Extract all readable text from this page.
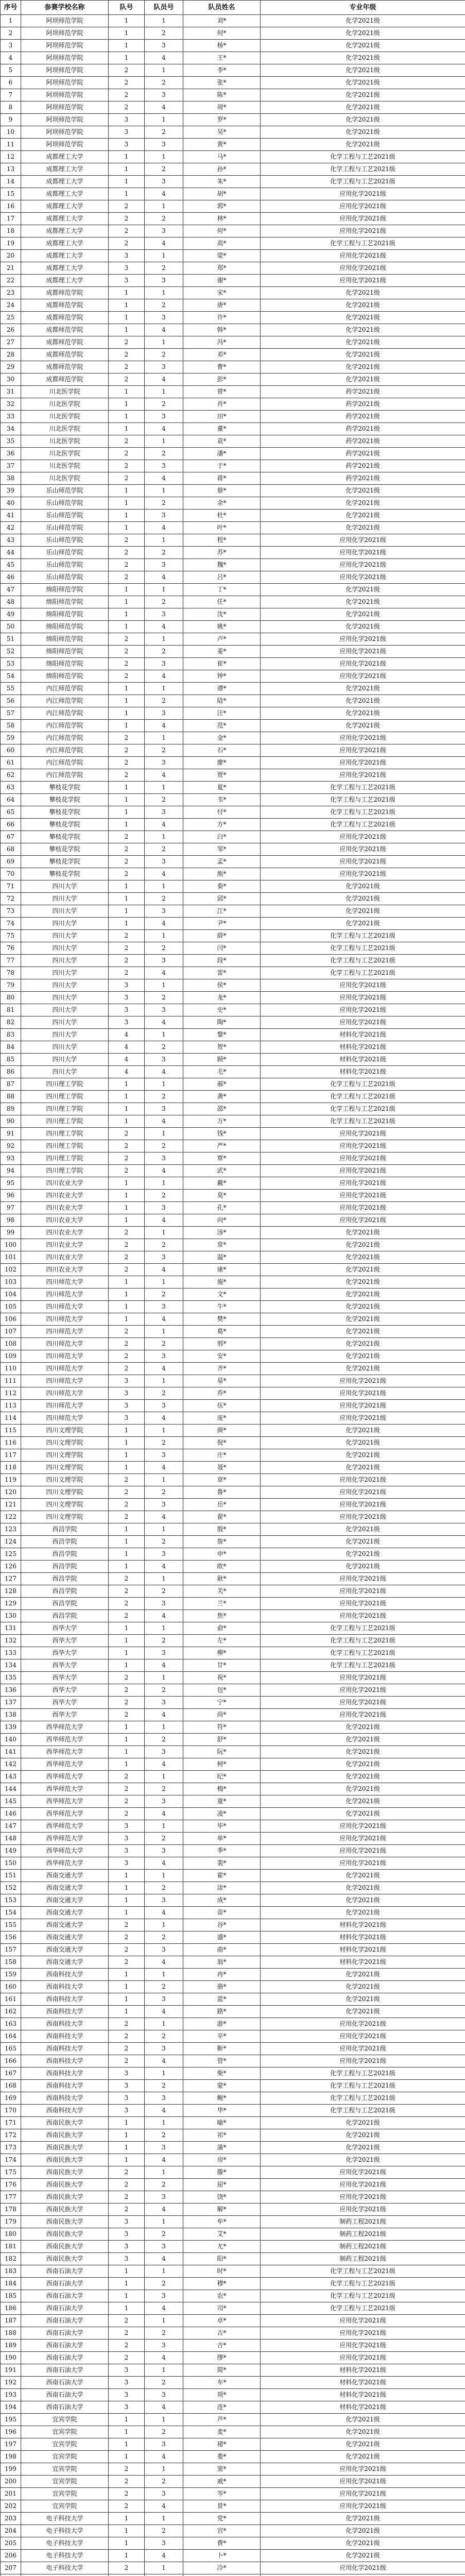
序号	参赛学校名称	队号	队员号	队员姓名	专业年级
1	阿坝师范学院	1	1	刘*	化学2021级
2	阿坝师范学院	1	2	何*	化学2021级
3	阿坝师范学院	1	3	杨*	化学2021级
4	阿坝师范学院	1	4	王*	化学2021级
5	阿坝师范学院	2	1	李*	化学2021级
6	阿坝师范学院	2	2	张*	化学2021级
7	阿坝师范学院	2	3	陈*	化学2021级
8	阿坝师范学院	2	4	周*	化学2021级
9	阿坝师范学院	3	1	罗*	化学2021级
10	阿坝师范学院	3	2	吴*	化学2021级
11	阿坝师范学院	3	3	黄*	化学2021级
12	成都理工大学	1	1	马*	化学工程与工艺2021级
13	成都理工大学	1	2	孙*	化学工程与工艺2021级
14	成都理工大学	1	3	朱*	化学工程与工艺2021级
15	成都理工大学	1	4	胡*	应用化学2021级
16	成都理工大学	2	1	郭*	应用化学2021级
17	成都理工大学	2	2	林*	应用化学2021级
18	成都理工大学	2	3	何*	应用化学2021级
19	成都理工大学	2	4	高*	化学工程与工艺2021级
20	成都理工大学	3	1	梁*	应用化学2021级
21	成都理工大学	3	2	郑*	应用化学2021级
22	成都理工大学	3	3	谢*	应用化学2021级
23	成都师范学院	1	1	宋*	化学2021级
24	成都师范学院	1	2	唐*	化学2021级
25	成都师范学院	1	3	许*	化学2021级
26	成都师范学院	1	4	韩*	化学2021级
27	成都师范学院	2	1	冯*	化学2021级
28	成都师范学院	2	2	邓*	化学2021级
29	成都师范学院	2	3	曹*	化学2021级
30	成都师范学院	2	4	彭*	化学2021级
31	川北医学院	1	1	曾*	药学2021级
32	川北医学院	1	2	肖*	药学2021级
33	川北医学院	1	3	田*	药学2021级
34	川北医学院	1	4	董*	药学2021级
35	川北医学院	2	1	袁*	药学2021级
36	川北医学院	2	2	潘*	药学2021级
37	川北医学院	2	3	于*	药学2021级
38	川北医学院	2	4	蒋*	药学2021级
39	乐山师范学院	1	1	蔡*	化学2021级
40	乐山师范学院	1	2	余*	化学2021级
41	乐山师范学院	1	3	杜*	化学2021级
42	乐山师范学院	1	4	叶*	化学2021级
43	乐山师范学院	2	1	程*	应用化学2021级
44	乐山师范学院	2	2	苏*	应用化学2021级
45	乐山师范学院	2	3	魏*	应用化学2021级
46	乐山师范学院	2	4	吕*	应用化学2021级
47	绵阳师范学院	1	1	丁*	化学2021级
48	绵阳师范学院	1	2	任*	化学2021级
49	绵阳师范学院	1	3	沈*	化学2021级
50	绵阳师范学院	1	4	姚*	化学2021级
51	绵阳师范学院	2	1	卢*	应用化学2021级
52	绵阳师范学院	2	2	姜*	应用化学2021级
53	绵阳师范学院	2	3	崔*	应用化学2021级
54	绵阳师范学院	2	4	钟*	应用化学2021级
55	内江师范学院	1	1	谭*	化学2021级
56	内江师范学院	1	2	陆*	化学2021级
57	内江师范学院	1	3	汪*	化学2021级
58	内江师范学院	1	4	范*	化学2021级
59	内江师范学院	2	1	金*	应用化学2021级
60	内江师范学院	2	2	石*	应用化学2021级
61	内江师范学院	2	3	廖*	应用化学2021级
62	内江师范学院	2	4	贾*	应用化学2021级
63	攀枝花学院	1	1	夏*	化学工程与工艺2021级
64	攀枝花学院	1	2	韦*	化学工程与工艺2021级
65	攀枝花学院	1	3	付*	化学工程与工艺2021级
66	攀枝花学院	1	4	方*	化学工程与工艺2021级
67	攀枝花学院	2	1	白*	应用化学2021级
68	攀枝花学院	2	2	邹*	应用化学2021级
69	攀枝花学院	2	3	孟*	应用化学2021级
70	攀枝花学院	2	4	熊*	应用化学2021级
71	四川大学	1	1	秦*	化学2021级
72	四川大学	1	2	邱*	化学2021级
73	四川大学	1	3	江*	化学2021级
74	四川大学	1	4	尹*	化学2021级
75	四川大学	2	1	薛*	化学工程与工艺2021级
76	四川大学	2	2	闫*	化学工程与工艺2021级
77	四川大学	2	3	段*	化学工程与工艺2021级
78	四川大学	2	4	雷*	化学工程与工艺2021级
79	四川大学	3	1	侯*	应用化学2021级
80	四川大学	3	2	龙*	应用化学2021级
81	四川大学	3	3	史*	应用化学2021级
82	四川大学	3	4	陶*	应用化学2021级
83	四川大学	4	1	黎*	材料化学2021级
84	四川大学	4	2	贺*	材料化学2021级
85	四川大学	4	3	顾*	材料化学2021级
86	四川大学	4	4	毛*	材料化学2021级
87	四川理工学院	1	1	郝*	化学工程与工艺2021级
88	四川理工学院	1	2	龚*	化学工程与工艺2021级
89	四川理工学院	1	3	邵*	化学工程与工艺2021级
90	四川理工学院	1	4	万*	化学工程与工艺2021级
91	四川理工学院	2	1	钱*	应用化学2021级
92	四川理工学院	2	2	严*	应用化学2021级
93	四川理工学院	2	3	覃*	应用化学2021级
94	四川理工学院	2	4	武*	应用化学2021级
95	四川农业大学	1	1	戴*	应用化学2021级
96	四川农业大学	1	2	莫*	应用化学2021级
97	四川农业大学	1	3	孔*	应用化学2021级
98	四川农业大学	1	4	向*	应用化学2021级
99	四川农业大学	2	1	汤*	化学2021级
100	四川农业大学	2	2	常*	化学2021级
101	四川农业大学	2	3	温*	化学2021级
102	四川农业大学	2	4	康*	化学2021级
103	四川师范大学	1	1	施*	化学2021级
104	四川师范大学	1	2	文*	化学2021级
105	四川师范大学	1	3	牛*	化学2021级
106	四川师范大学	1	4	樊*	化学2021级
107	四川师范大学	2	1	葛*	化学2021级
108	四川师范大学	2	2	邢*	化学2021级
109	四川师范大学	2	3	安*	化学2021级
110	四川师范大学	2	4	齐*	化学2021级
111	四川师范大学	3	1	易*	应用化学2021级
112	四川师范大学	3	2	乔*	应用化学2021级
113	四川师范大学	3	3	伍*	应用化学2021级
114	四川师范大学	3	4	庞*	应用化学2021级
115	四川文理学院	1	1	颜*	化学2021级
116	四川文理学院	1	2	倪*	化学2021级
117	四川文理学院	1	3	庄*	化学2021级
118	四川文理学院	1	4	聂*	化学2021级
119	四川文理学院	2	1	章*	应用化学2021级
120	四川文理学院	2	2	鲁*	应用化学2021级
121	四川文理学院	2	3	岳*	应用化学2021级
122	四川文理学院	2	4	翟*	应用化学2021级
123	西昌学院	1	1	殷*	化学2021级
124	西昌学院	1	2	詹*	化学2021级
125	西昌学院	1	3	申*	化学2021级
126	西昌学院	1	4	欧*	化学2021级
127	西昌学院	2	1	耿*	应用化学2021级
128	西昌学院	2	2	关*	应用化学2021级
129	西昌学院	2	3	兰*	应用化学2021级
130	西昌学院	2	4	焦*	应用化学2021级
131	西华大学	1	1	俞*	化学工程与工艺2021级
132	西华大学	1	2	左*	化学工程与工艺2021级
133	西华大学	1	3	柳*	化学工程与工艺2021级
134	西华大学	1	4	甘*	化学工程与工艺2021级
135	西华大学	2	1	祝*	应用化学2021级
136	西华大学	2	2	包*	应用化学2021级
137	西华大学	2	3	宁*	应用化学2021级
138	西华大学	2	4	尚*	应用化学2021级
139	西华师范大学	1	1	符*	化学2021级
140	西华师范大学	1	2	舒*	化学2021级
141	西华师范大学	1	3	阮*	化学2021级
142	西华师范大学	1	4	柯*	化学2021级
143	西华师范大学	2	1	纪*	化学2021级
144	西华师范大学	2	2	梅*	化学2021级
145	西华师范大学	2	3	童*	化学2021级
146	西华师范大学	2	4	凌*	化学2021级
147	西华师范大学	3	1	毕*	应用化学2021级
148	西华师范大学	3	2	单*	应用化学2021级
149	西华师范大学	3	3	季*	应用化学2021级
150	西华师范大学	3	4	裴*	应用化学2021级
151	西南交通大学	1	1	霍*	化学2021级
152	西南交通大学	1	2	涂*	化学2021级
153	西南交通大学	1	3	成*	化学2021级
154	西南交通大学	1	4	苗*	化学2021级
155	西南交通大学	2	1	谷*	材料化学2021级
156	西南交通大学	2	2	盛*	材料化学2021级
157	西南交通大学	2	3	曲*	材料化学2021级
158	西南交通大学	2	4	翁*	材料化学2021级
159	西南科技大学	1	1	冉*	化学2021级
160	西南科技大学	1	2	骆*	化学2021级
161	西南科技大学	1	3	蓝*	化学2021级
162	西南科技大学	1	4	路*	化学2021级
163	西南科技大学	2	1	游*	应用化学2021级
164	西南科技大学	2	2	辛*	应用化学2021级
165	西南科技大学	2	3	靳*	应用化学2021级
166	西南科技大学	2	4	管*	应用化学2021级
167	西南科技大学	3	1	柴*	化学工程与工艺2021级
168	西南科技大学	3	2	蒙*	化学工程与工艺2021级
169	西南科技大学	3	3	鲍*	化学工程与工艺2021级
170	西南科技大学	3	4	华*	化学工程与工艺2021级
171	西南民族大学	1	1	喻*	化学2021级
172	西南民族大学	1	2	祁*	化学2021级
173	西南民族大学	1	3	蒲*	化学2021级
174	西南民族大学	1	4	房*	化学2021级
175	西南民族大学	2	1	滕*	应用化学2021级
176	西南民族大学	2	2	屈*	应用化学2021级
177	西南民族大学	2	3	饶*	应用化学2021级
178	西南民族大学	2	4	解*	应用化学2021级
179	西南民族大学	3	1	牟*	制药工程2021级
180	西南民族大学	3	2	艾*	制药工程2021级
181	西南民族大学	3	3	尤*	制药工程2021级
182	西南民族大学	3	4	阳*	制药工程2021级
183	西南石油大学	1	1	时*	化学工程与工艺2021级
184	西南石油大学	1	2	穆*	化学工程与工艺2021级
185	西南石油大学	1	3	农*	化学工程与工艺2021级
186	西南石油大学	1	4	司*	化学工程与工艺2021级
187	西南石油大学	2	1	卓*	应用化学2021级
188	西南石油大学	2	2	古*	应用化学2021级
189	西南石油大学	2	3	吉*	应用化学2021级
190	西南石油大学	2	4	缪*	应用化学2021级
191	西南石油大学	3	1	简*	材料化学2021级
192	西南石油大学	3	2	车*	材料化学2021级
193	西南石油大学	3	3	项*	材料化学2021级
194	西南石油大学	3	4	连*	材料化学2021级
195	宜宾学院	1	1	芦*	化学2021级
196	宜宾学院	1	2	麦*	化学2021级
197	宜宾学院	1	3	褚*	化学2021级
198	宜宾学院	1	4	娄*	化学2021级
199	宜宾学院	2	1	窦*	应用化学2021级
200	宜宾学院	2	2	戚*	应用化学2021级
201	宜宾学院	2	3	岑*	应用化学2021级
202	宜宾学院	2	4	景*	应用化学2021级
203	电子科技大学	1	1	党*	化学2021级
204	电子科技大学	1	2	宫*	化学2021级
205	电子科技大学	1	3	费*	化学2021级
206	电子科技大学	1	4	卜*	化学2021级
207	电子科技大学	2	1	冷*	应用化学2021级
